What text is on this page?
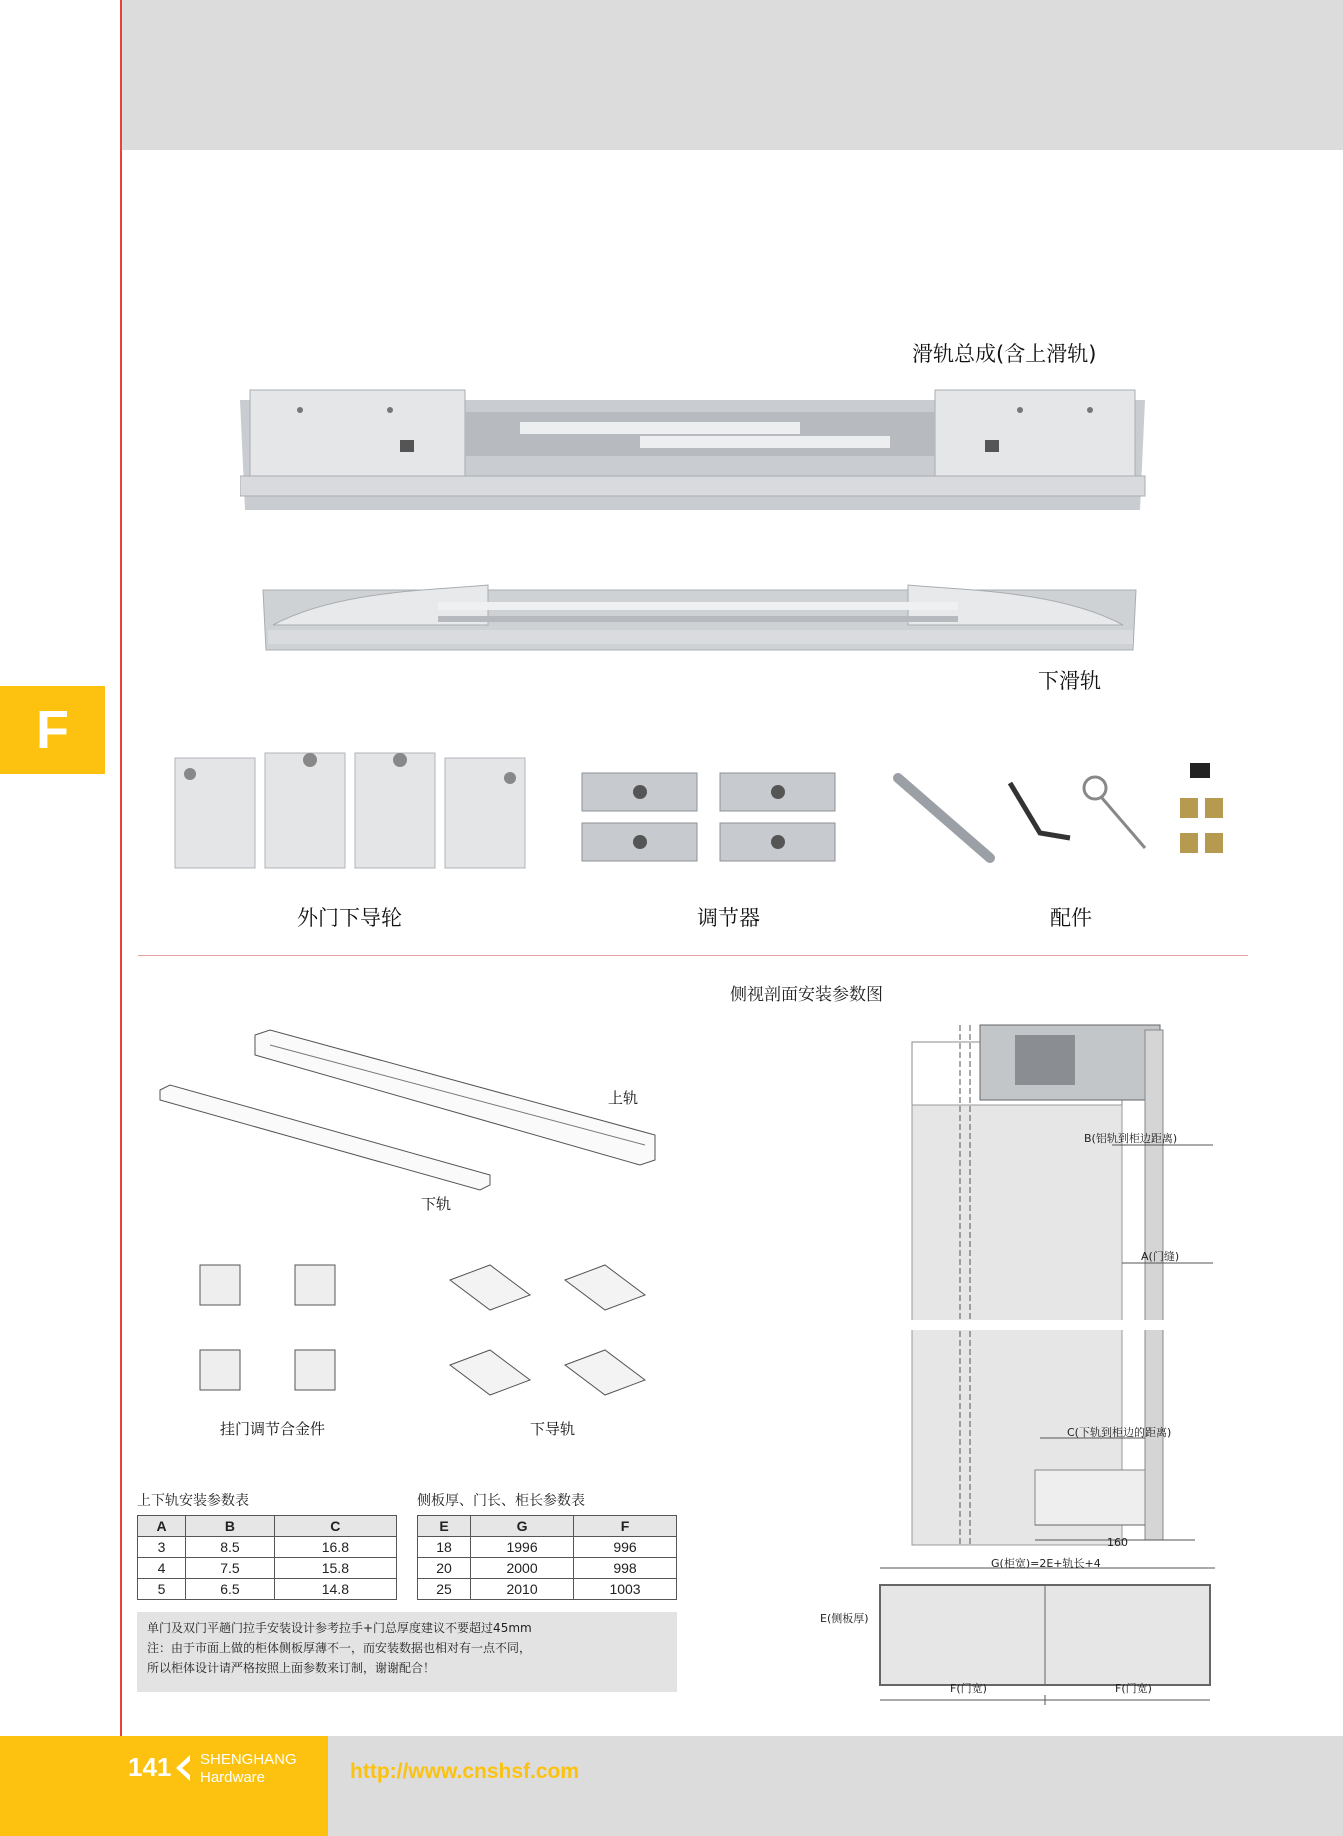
F
滑轨总成(含上滑轨)
下滑轨
外门下导轮	调节器	配件
侧视剖面安装参数图
上轨
下轨
挂门调节合金件	下导轨
B(铝轨到柜边距离)
A(门缝)
C(下轨到柜边的距离)
160
G(柜宽)=2E+轨长+4
E(侧板厚)
F(门宽)	F(门宽)
上下轨安装参数表
A	B	C
3	8.5	16.8
4	7.5	15.8
5	6.5	14.8
侧板厚、门长、柜长参数表
E	G	F
18	1996	996
20	2000	998
25	2010	1003
单门及双门平趟门拉手安装设计参考拉手+门总厚度建议不要超过45mm
注：由于市面上做的柜体侧板厚薄不一，而安装数据也相对有一点不同，
所以柜体设计请严格按照上面参数来订制，谢谢配合！
141 SHENGHANG
Hardware	http://www.cnshsf.com
